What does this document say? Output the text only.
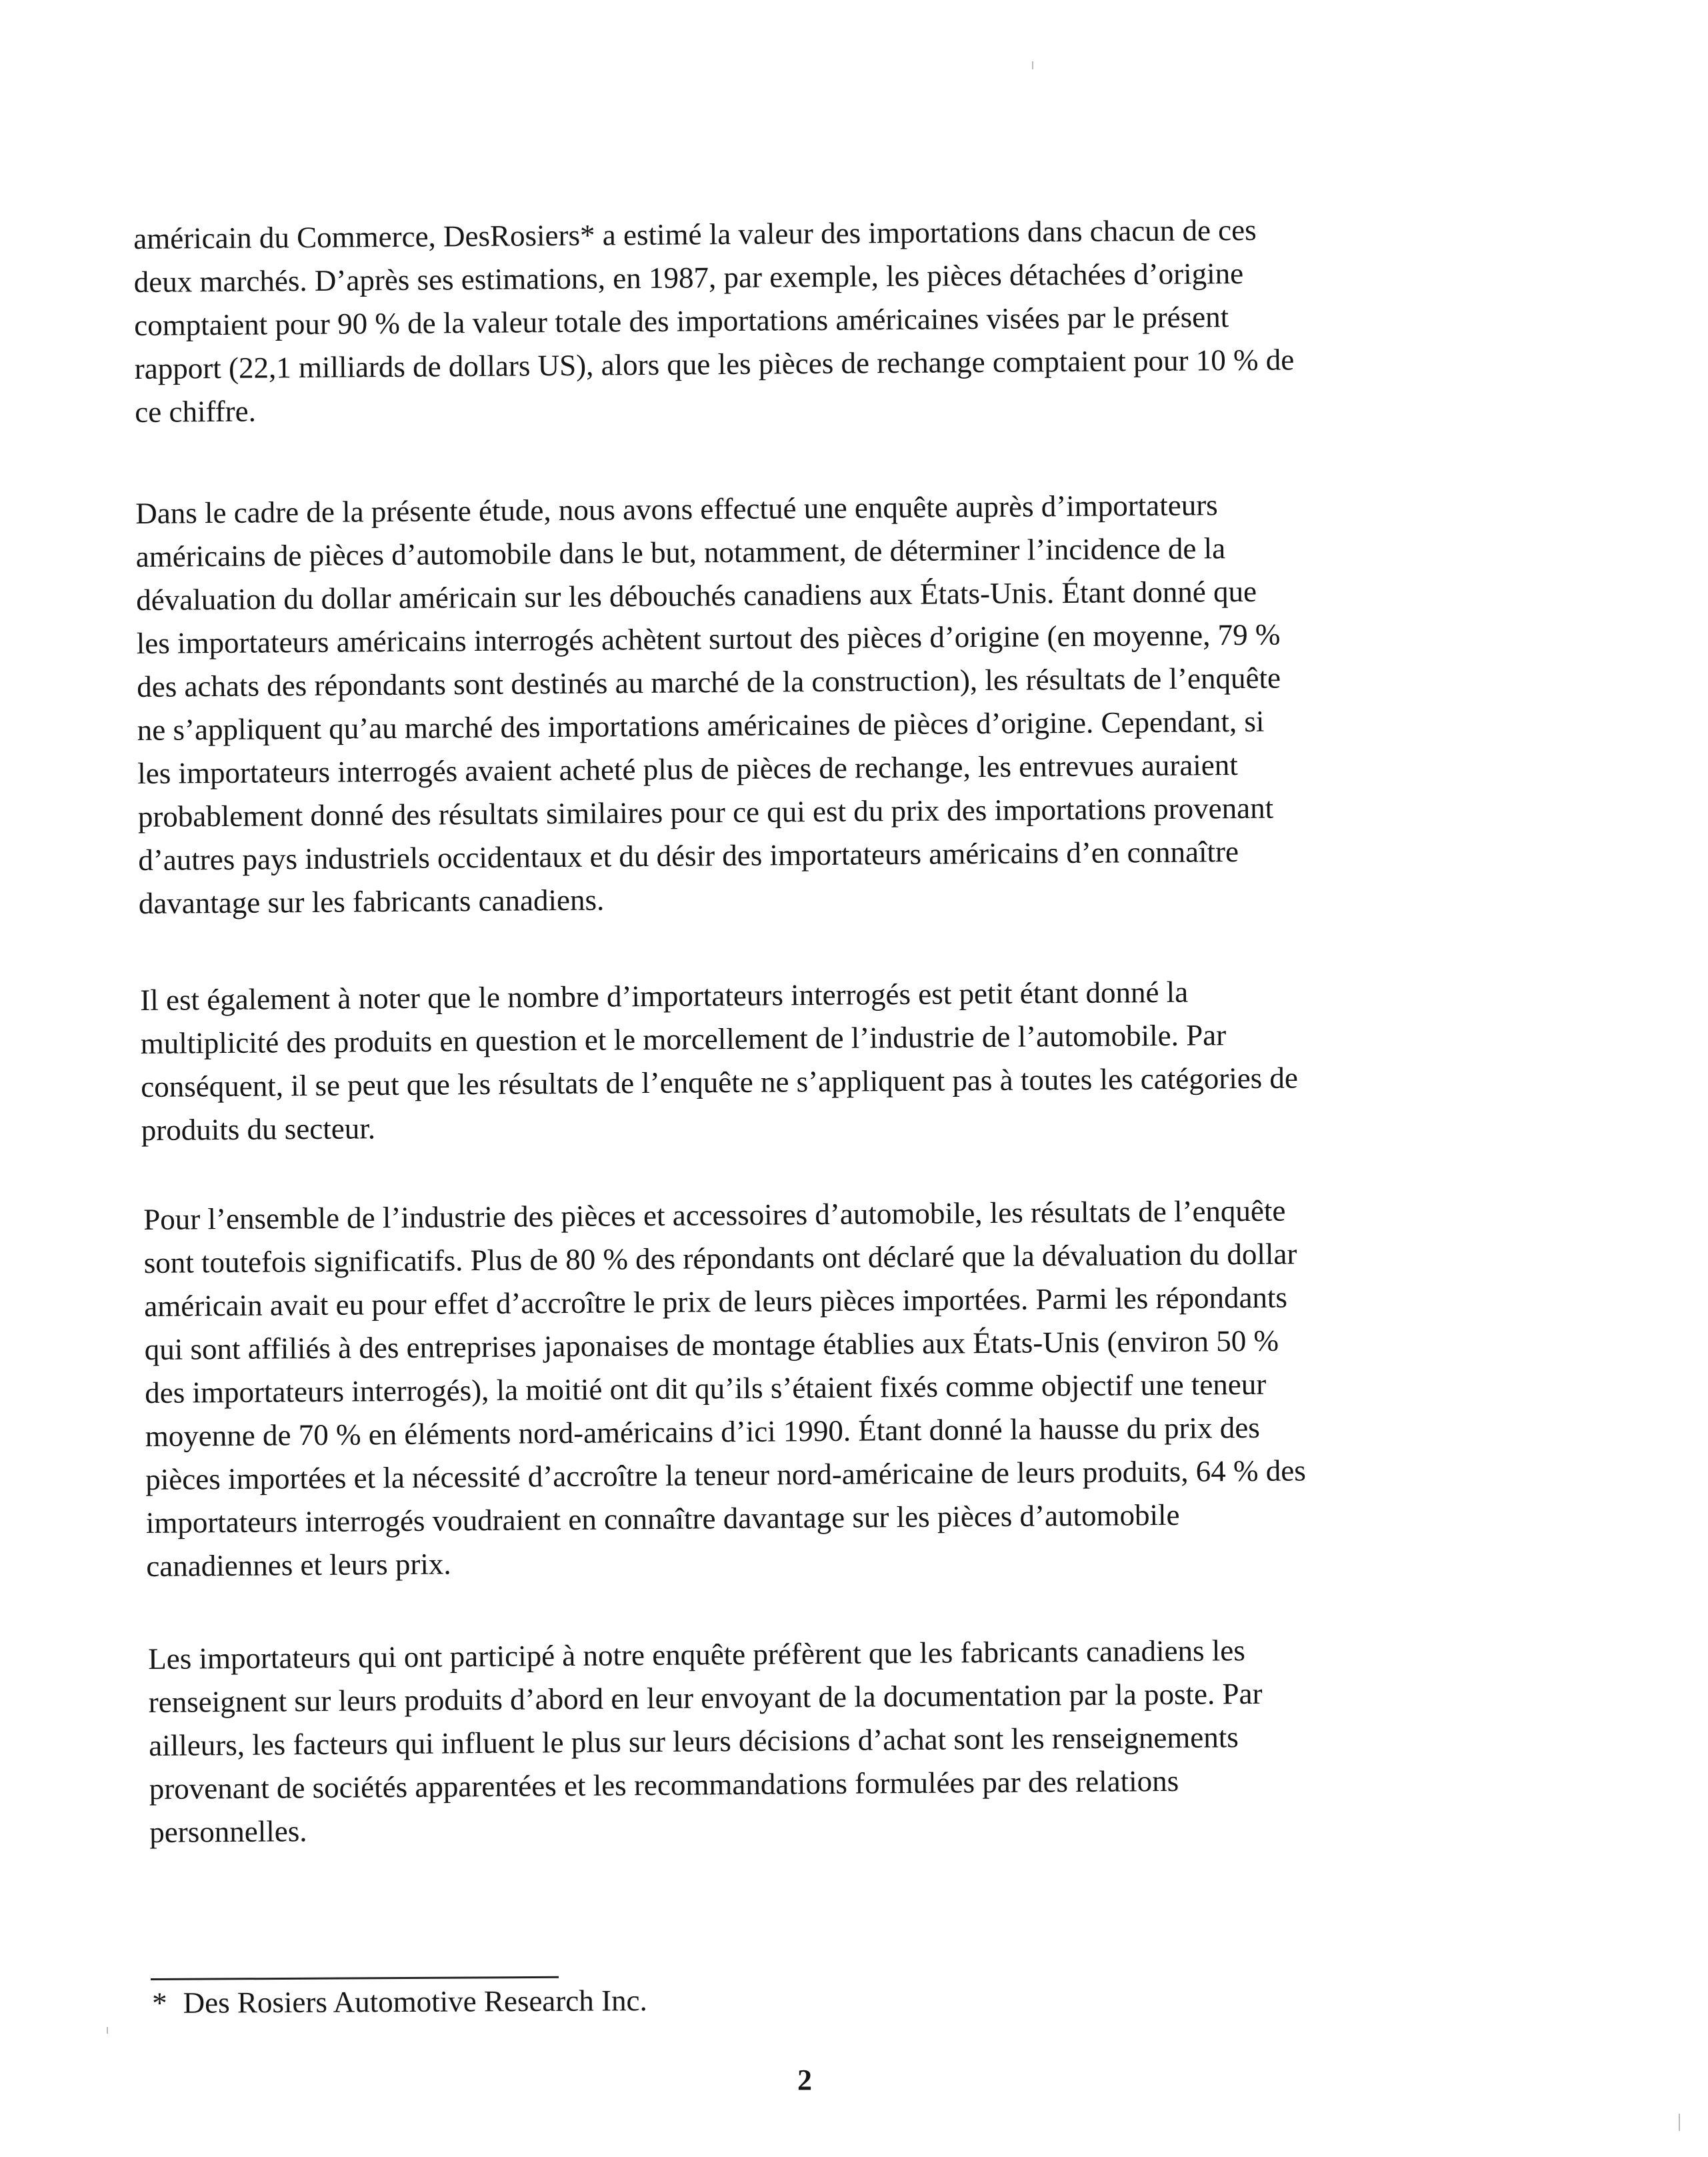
américain du Commerce, DesRosiers* a estimé la valeur des importations dans chacun de ces
deux marchés. D’après ses estimations, en 1987, par exemple, les pièces détachées d’origine
comptaient pour 90 % de la valeur totale des importations américaines visées par le présent
rapport (22,1 milliards de dollars US), alors que les pièces de rechange comptaient pour 10 % de
ce chiffre.

Dans le cadre de la présente étude, nous avons effectué une enquête auprès d’importateurs
américains de pièces d’automobile dans le but, notamment, de déterminer l’incidence de la
dévaluation du dollar américain sur les débouchés canadiens aux États-Unis. Étant donné que
les importateurs américains interrogés achètent surtout des pièces d’origine (en moyenne, 79 %
des achats des répondants sont destinés au marché de la construction), les résultats de l’enquête
ne s’appliquent qu’au marché des importations américaines de pièces d’origine. Cependant, si
les importateurs interrogés avaient acheté plus de pièces de rechange, les entrevues auraient
probablement donné des résultats similaires pour ce qui est du prix des importations provenant
d’autres pays industriels occidentaux et du désir des importateurs américains d’en connaître
davantage sur les fabricants canadiens.

Il est également à noter que le nombre d’importateurs interrogés est petit étant donné la
multiplicité des produits en question et le morcellement de l’industrie de l’automobile. Par
conséquent, il se peut que les résultats de l’enquête ne s’appliquent pas à toutes les catégories de
produits du secteur.

Pour l’ensemble de l’industrie des pièces et accessoires d’automobile, les résultats de l’enquête
sont toutefois significatifs. Plus de 80 % des répondants ont déclaré que la dévaluation du dollar
américain avait eu pour effet d’accroître le prix de leurs pièces importées. Parmi les répondants
qui sont affiliés à des entreprises japonaises de montage établies aux États-Unis (environ 50 %
des importateurs interrogés), la moitié ont dit qu’ils s’étaient fixés comme objectif une teneur
moyenne de 70 % en éléments nord-américains d’ici 1990. Étant donné la hausse du prix des
pièces importées et la nécessité d’accroître la teneur nord-américaine de leurs produits, 64 % des
importateurs interrogés voudraient en connaître davantage sur les pièces d’automobile
canadiennes et leurs prix.

Les importateurs qui ont participé à notre enquête préfèrent que les fabricants canadiens les
renseignent sur leurs produits d’abord en leur envoyant de la documentation par la poste. Par
ailleurs, les facteurs qui influent le plus sur leurs décisions d’achat sont les renseignements
provenant de sociétés apparentées et les recommandations formulées par des relations
personnelles.

* Des Rosiers Automotive Research Inc.
2
